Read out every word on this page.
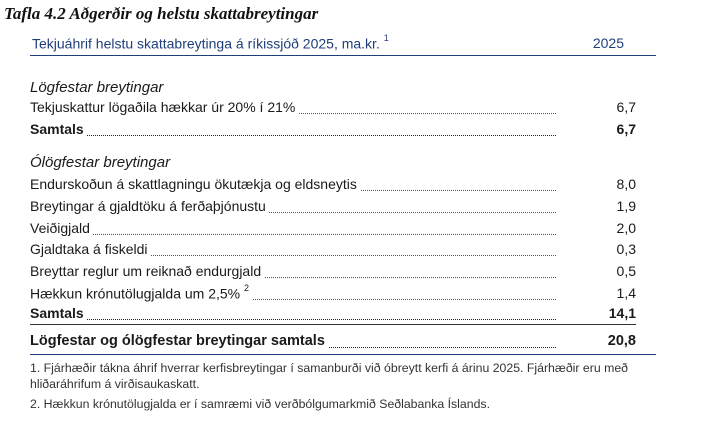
Tafla 4.2 Aðgerðir og helstu skattabreytingar
Tekjuáhrif helstu skattabreytinga á ríkissjóð 2025, ma.kr. $^1$	2025
Lögfestar breytingar
Tekjuskattur lögaðila hækkar úr 20% í 21%	6,7
Samtals	6,7
Ólögfestar breytingar
Endurskoðun á skattlagningu ökutækja og eldsneytis	8,0
Breytingar á gjaldtöku á ferðaþjónustu	1,9
Veiðigjald	2,0
Gjaldtaka á fiskeldi	0,3
Breyttar reglur um reiknað endurgjald	0,5
Hækkun krónutölugjalda um 2,5% $^2$	1,4
Samtals	14,1
Lögfestar og ólögfestar breytingar samtals	20,8
1. Fjárhæðir tákna áhrif hverrar kerfisbreytingar í samanburði við óbreytt kerfi á árinu 2025. Fjárhæðir eru með hliðaráhrifum á virðisaukaskatt.
2. Hækkun krónutölugjalda er í samræmi við verðbólgumarkmið Seðlabanka Íslands.
